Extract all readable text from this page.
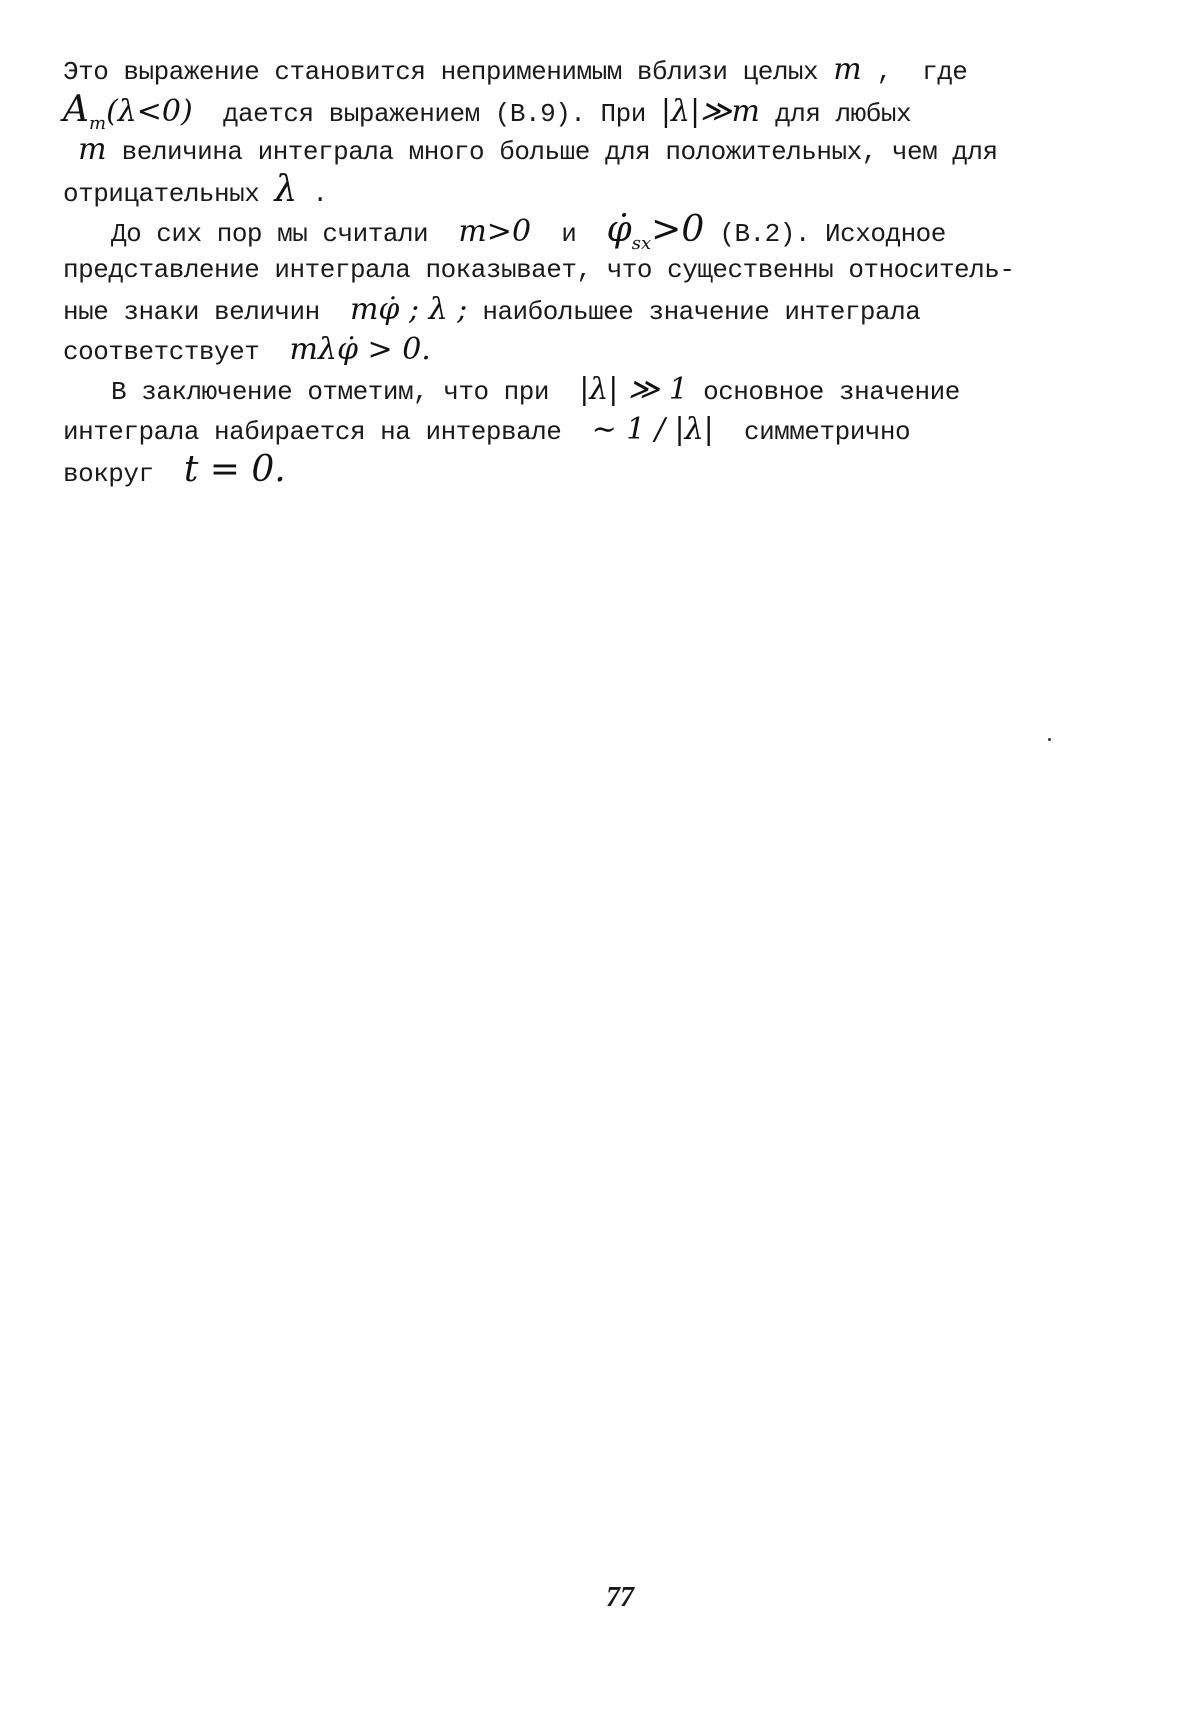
Это выражение становится неприменимым вблизи целых m ,  где
$A_m(\lambda<0)$  дается выражением (В.9). При |λ|≫m для любых
m величина интеграла много больше для положительных, чем для
отрицательных λ .
До сих пор мы считали  m>0  и  $\varphi̇_{sx}>0$ (В.2). Исходное
представление интеграла показывает, что существенны относитель-
ные знаки величин  mφ̇ ; λ ; наибольшее значение интеграла
соответствует  mλφ̇ > 0.
В заключение отметим, что при  |λ| ≫ 1 основное значение
интеграла набирается на интервале  ∼ 1 / |λ|  симметрично
вокруг  t = 0.
77
